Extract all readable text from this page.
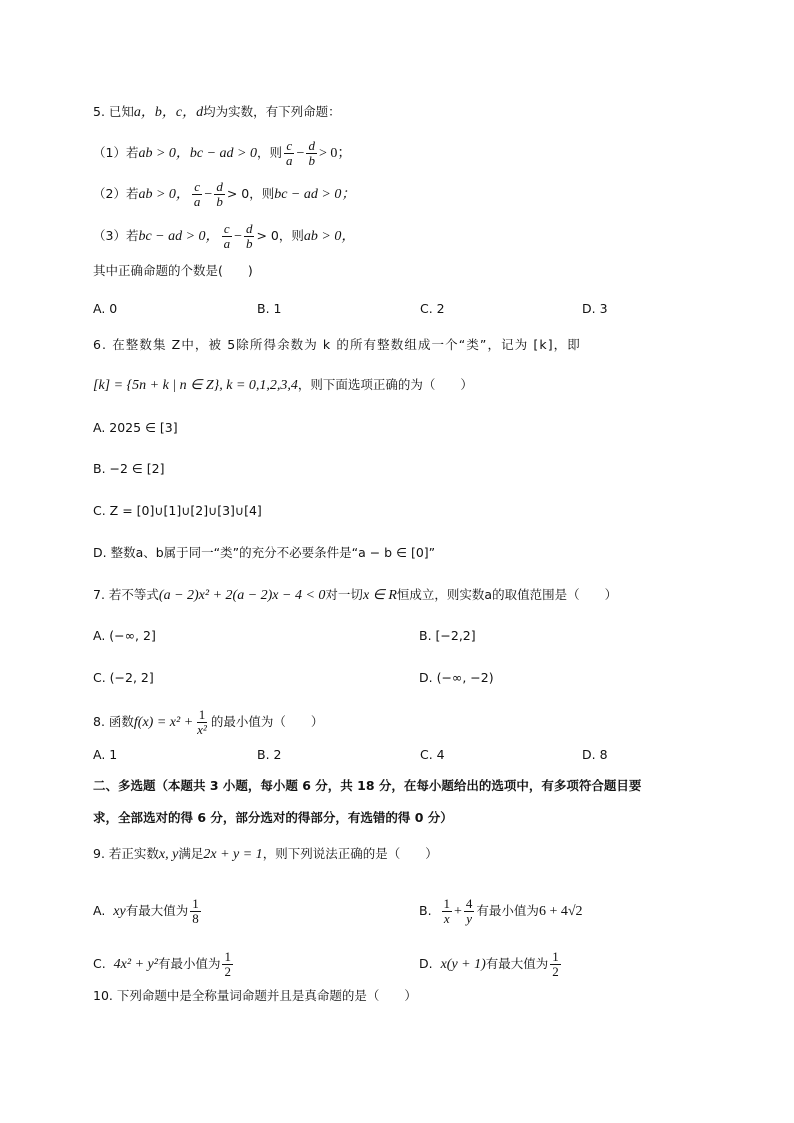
5. 已知a，b，c，d均为实数，有下列命题：
（1）若ab > 0，bc − ad > 0，则 $\frac{c}{a} - \frac{d}{b} > 0$；
（2）若ab > 0， $\frac{c}{a} - \frac{d}{b} > 0$，则bc − ad > 0；
（3）若bc − ad > 0， $\frac{c}{a} - \frac{d}{b} > 0$，则ab > 0，
其中正确命题的个数是(　　)
A. 0	B. 1	C. 2	D. 3
6. 在整数集 Z中，被 5除所得余数为 k 的所有整数组成一个“类”，记为 [k]，即
[k] = {5n + k | n ∈ Z}, k = 0,1,2,3,4，则下面选项正确的为（　　）
A. 2025 ∈ [3]
B. −2 ∈ [2]
C. Z = [0]∪[1]∪[2]∪[3]∪[4]
D. 整数a、b属于同一“类”的充分不必要条件是“a − b ∈ [0]”
7. 若不等式(a − 2)x² + 2(a − 2)x − 4 < 0对一切x ∈ R恒成立，则实数a的取值范围是（　　）
A. (−∞, 2]	B. [−2,2]
C. (−2, 2]	D. (−∞, −2)
8. 函数$f(x) = x^2 + \frac{1}{\text{x²}}$ 的最小值为（　　）
A. 1	B. 2	C. 4	D. 8
二、多选题（本题共 3 小题，每小题 6 分，共 18 分，在每小题给出的选项中，有多项符合题目要
求，全部选对的得 6 分，部分选对的得部分，有选错的得 0 分）
9. 若正实数x, y满足2x + y = 1，则下列说法正确的是（　　）
A. xy有最大值为 $\frac{1}{8}$	B. $\frac{1}{x} + \frac{4}{y}$ 有最小值为6 + 4√2
C. 4x² + y²有最小值为 $\frac{1}{2}$	D. x(y + 1)有最大值为 $\frac{1}{2}$
10. 下列命题中是全称量词命题并且是真命题的是（　　）
